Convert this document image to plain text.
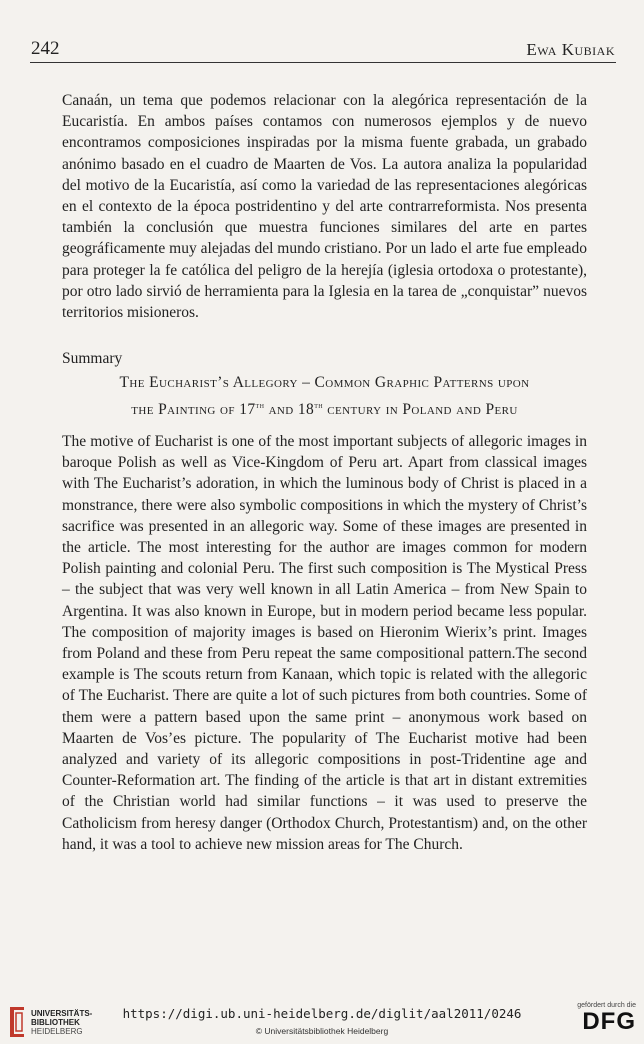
242	Ewa Kubiak
Canaán, un tema que podemos relacionar con la alegórica representación de la Eucaristía. En ambos países contamos con numerosos ejemplos y de nuevo encontramos composiciones inspiradas por la misma fuente grabada, un grabado anónimo basado en el cuadro de Maarten de Vos. La autora analiza la popularidad del motivo de la Eucaristía, así como la variedad de las representaciones alegóricas en el contexto de la época postridentino y del arte contrarreformista. Nos presenta también la conclusión que muestra funciones similares del arte en partes geográficamente muy alejadas del mundo cristiano. Por un lado el arte fue empleado para proteger la fe católica del peligro de la herejía (iglesia ortodoxa o protestante), por otro lado sirvió de herramienta para la Iglesia en la tarea de „conquistar” nuevos territorios misioneros.
Summary
The Eucharist’s Allegory – Common Graphic Patterns upon
the Painting of 17th and 18th century in Poland and Peru
The motive of Eucharist is one of the most important subjects of allegoric images in baroque Polish as well as Vice-Kingdom of Peru art. Apart from classical images with The Eucharist’s adoration, in which the luminous body of Christ is placed in a monstrance, there were also symbolic compositions in which the mystery of Christ’s sacrifice was presented in an allegoric way. Some of these images are presented in the article. The most interesting for the author are images common for modern Polish painting and colonial Peru. The first such composition is The Mystical Press – the subject that was very well known in all Latin America – from New Spain to Argentina. It was also known in Europe, but in modern period became less popular. The composition of majority images is based on Hieronim Wierix’s print. Images from Poland and these from Peru repeat the same compositional pattern.The second example is The scouts return from Kanaan, which topic is related with the allegoric of The Eucharist. There are quite a lot of such pictures from both countries. Some of them were a pattern based upon the same print – anonymous work based on Maarten de Vos’es picture. The popularity of The Eucharist motive had been analyzed and variety of its allegoric compositions in post-Tridentine age and Counter-Reformation art. The finding of the article is that art in distant extremities of the Christian world had similar functions – it was used to preserve the Catholicism from heresy danger (Orthodox Church, Protestantism) and, on the other hand, it was a tool to achieve new mission areas for The Church.
UNIVERSITÄTS-
BIBLIOTHEK
HEIDELBERG
https://digi.ub.uni-heidelberg.de/diglit/aal2011/0246
© Universitätsbibliothek Heidelberg
gefördert durch die
DFG
